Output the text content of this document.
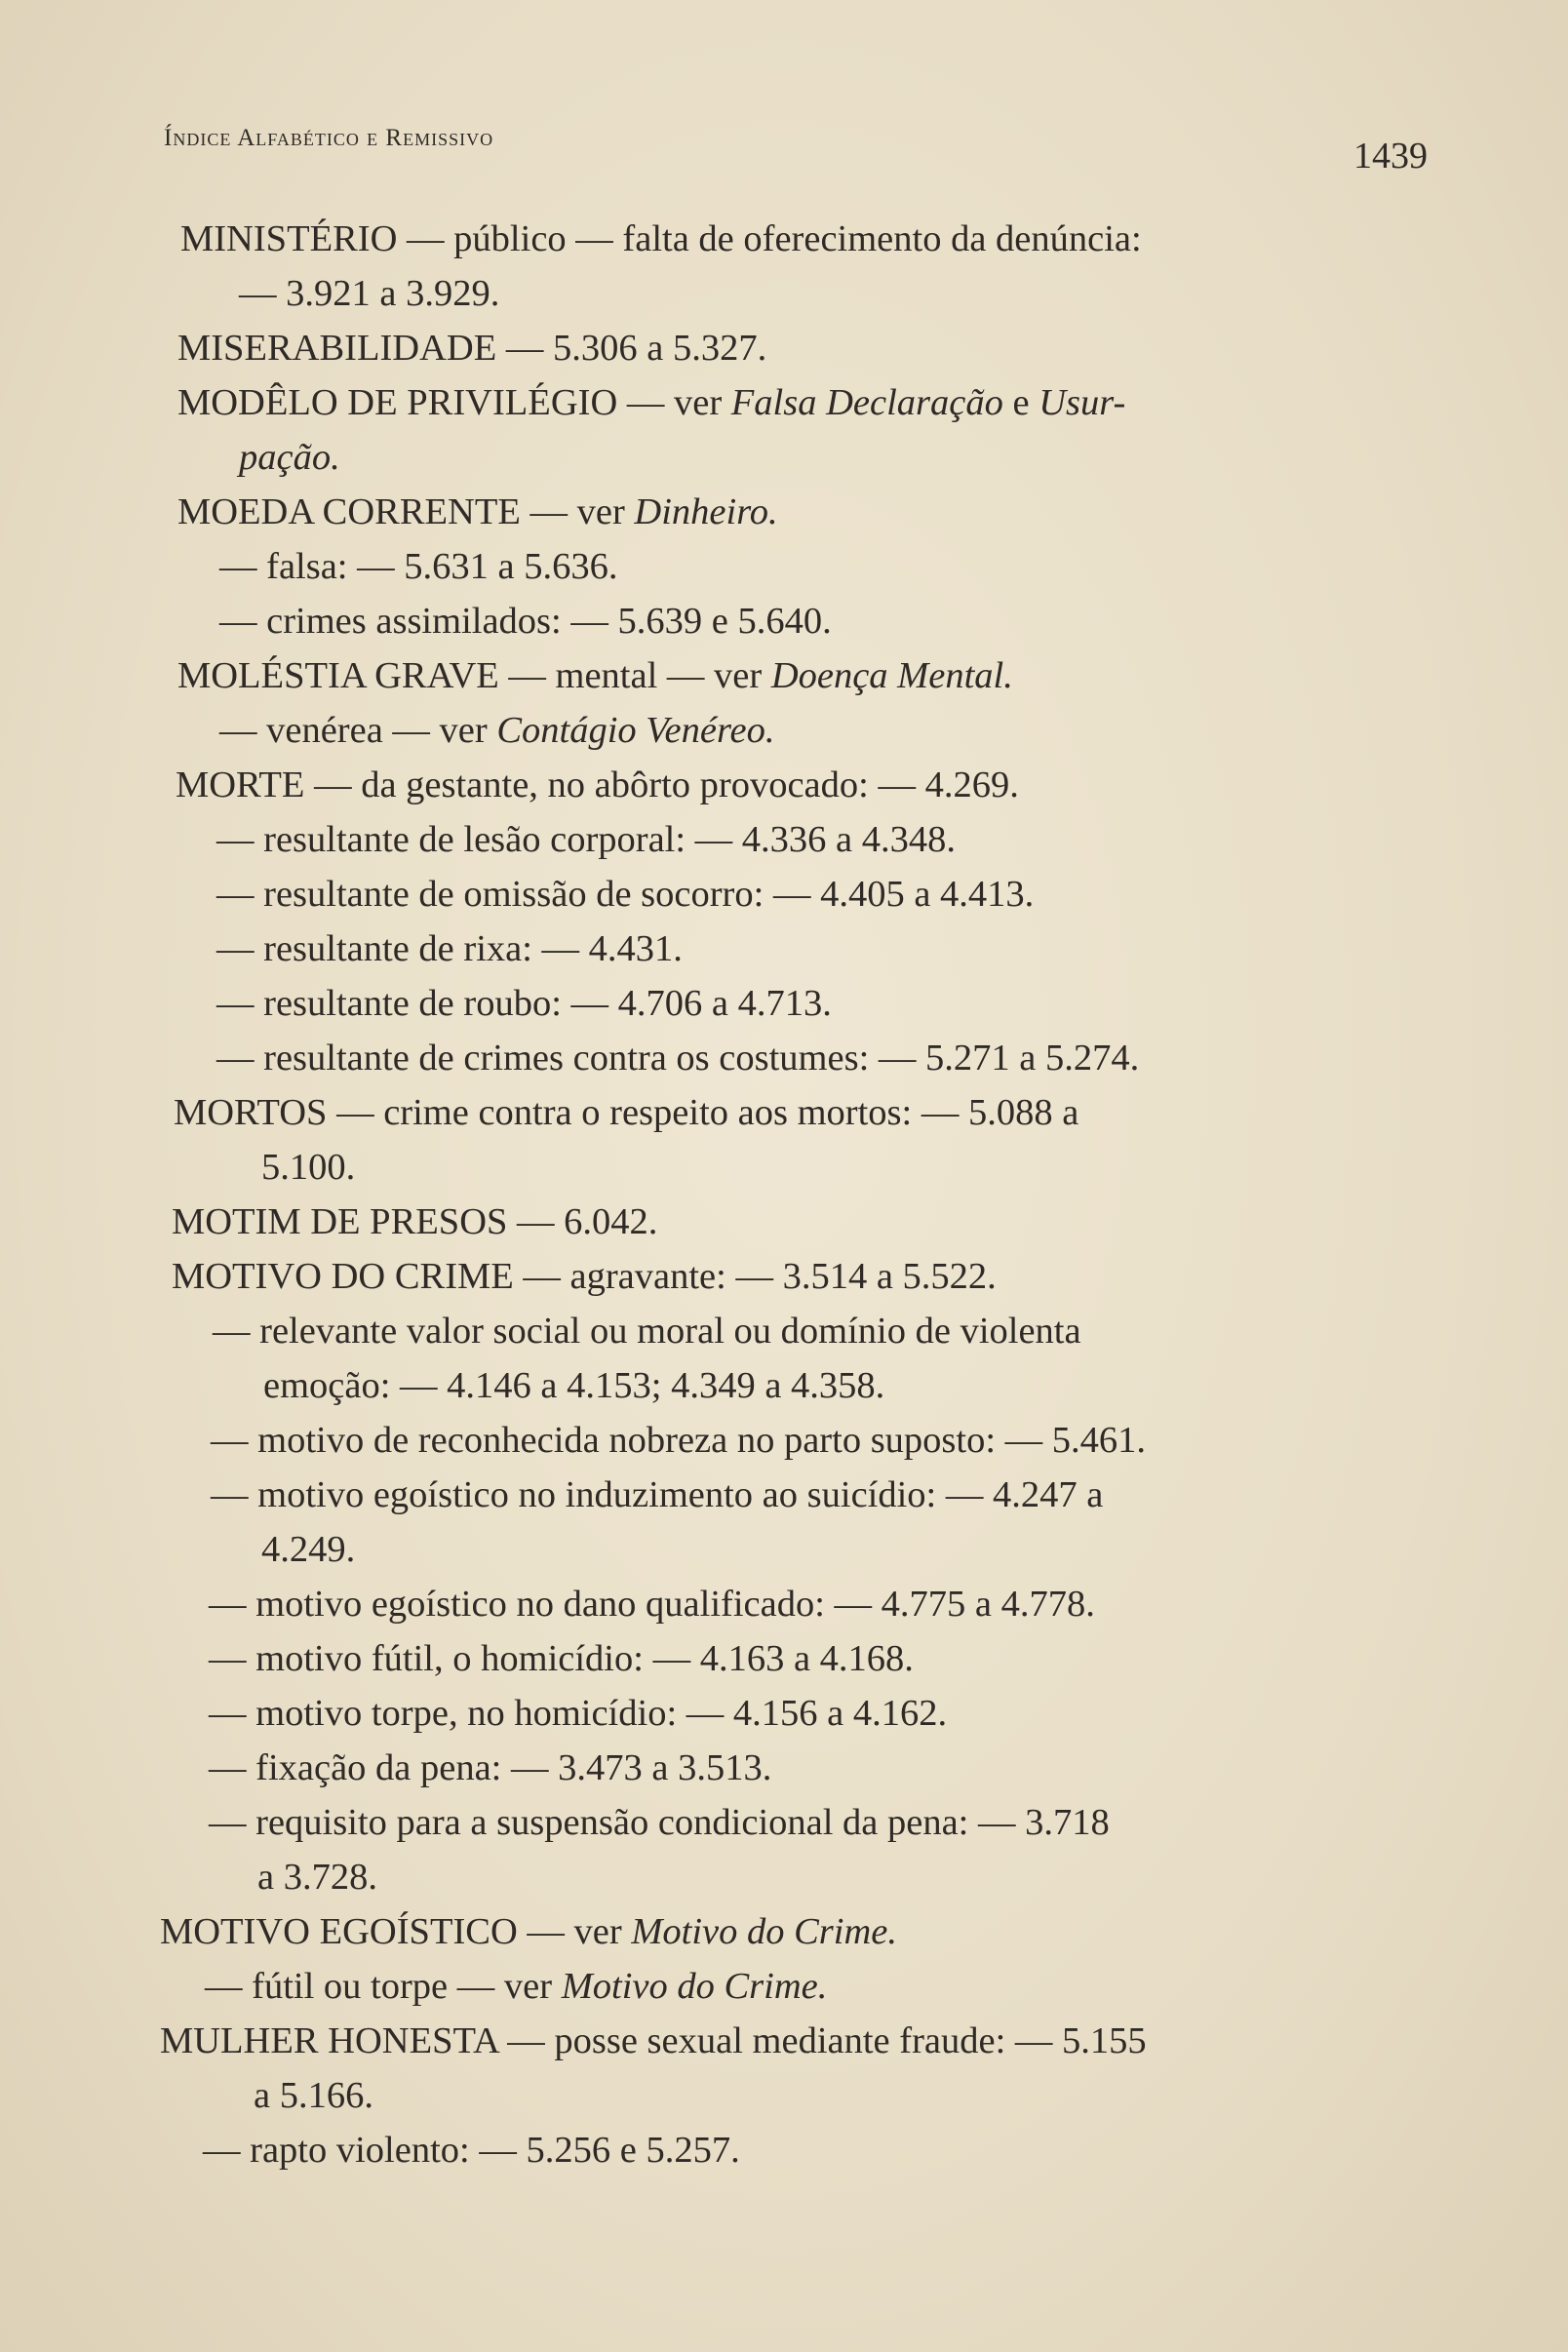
Índice Alfabético e Remissivo	1439
MINISTÉRIO — público — falta de oferecimento da denúncia:
— 3.921 a 3.929.
MISERABILIDADE — 5.306 a 5.327.
MODÊLO DE PRIVILÉGIO — ver Falsa Declaração e Usur-
pação.
MOEDA CORRENTE — ver Dinheiro.
— falsa: — 5.631 a 5.636.
— crimes assimilados: — 5.639 e 5.640.
MOLÉSTIA GRAVE — mental — ver Doença Mental.
— venérea — ver Contágio Venéreo.
MORTE — da gestante, no abôrto provocado: — 4.269.
— resultante de lesão corporal: — 4.336 a 4.348.
— resultante de omissão de socorro: — 4.405 a 4.413.
— resultante de rixa: — 4.431.
— resultante de roubo: — 4.706 a 4.713.
— resultante de crimes contra os costumes: — 5.271 a 5.274.
MORTOS — crime contra o respeito aos mortos: — 5.088 a
5.100.
MOTIM DE PRESOS — 6.042.
MOTIVO DO CRIME — agravante: — 3.514 a 5.522.
— relevante valor social ou moral ou domínio de violenta
emoção: — 4.146 a 4.153; 4.349 a 4.358.
— motivo de reconhecida nobreza no parto suposto: — 5.461.
— motivo egoístico no induzimento ao suicídio: — 4.247 a
4.249.
— motivo egoístico no dano qualificado: — 4.775 a 4.778.
— motivo fútil, o homicídio: — 4.163 a 4.168.
— motivo torpe, no homicídio: — 4.156 a 4.162.
— fixação da pena: — 3.473 a 3.513.
— requisito para a suspensão condicional da pena: — 3.718
a 3.728.
MOTIVO EGOÍSTICO — ver Motivo do Crime.
— fútil ou torpe — ver Motivo do Crime.
MULHER HONESTA — posse sexual mediante fraude: — 5.155
a 5.166.
— rapto violento: — 5.256 e 5.257.
